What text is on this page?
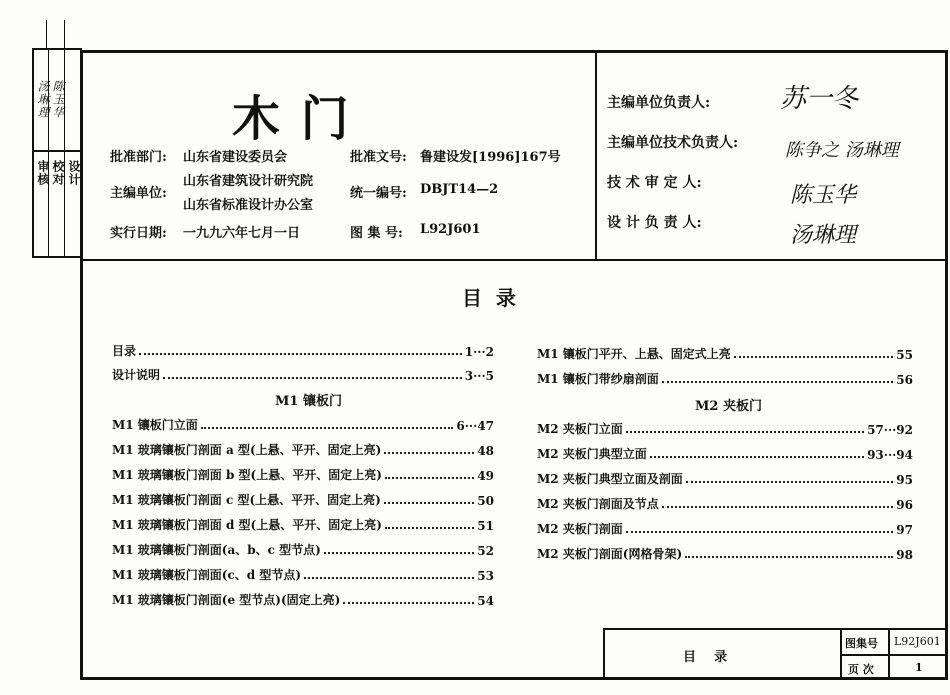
审核 校对 设计
汤琳理 陈玉华	木 门
批准部门: 山东省建设委员会	批准文号: 鲁建设发[1996]167号
主编单位:
山东省建筑设计研究院
山东省标准设计办公室
统一编号: DBJT14—2
实行日期: 一九九六年七月一日	图 集 号: L92J601
主编单位负责人:	苏一冬
主编单位技术负责人:	陈争之 汤琳理
技 术 审 定 人:	陈玉华
设 计 负 责 人:	汤琳理
目  录
目录	1···2
设计说明	3···5
M1 镶板门
M1 镶板门立面	6···47
M1 玻璃镶板门剖面 a 型(上悬、平开、固定上亮)	48
M1 玻璃镶板门剖面 b 型(上悬、平开、固定上亮)	49
M1 玻璃镶板门剖面 c 型(上悬、平开、固定上亮)	50
M1 玻璃镶板门剖面 d 型(上悬、平开、固定上亮)	51
M1 玻璃镶板门剖面(a、b、c 型节点)	52
M1 玻璃镶板门剖面(c、d 型节点)	53
M1 玻璃镶板门剖面(e 型节点)(固定上亮)	54
M1 镶板门平开、上悬、固定式上亮	55
M1 镶板门带纱扇剖面	56
M2 夹板门
M2 夹板门立面	57···92
M2 夹板门典型立面	93···94
M2 夹板门典型立面及剖面	95
M2 夹板门剖面及节点	96
M2 夹板门剖面	97
M2 夹板门剖面(网格骨架)	98
目    录
图集号 L92J601
页 次	1
